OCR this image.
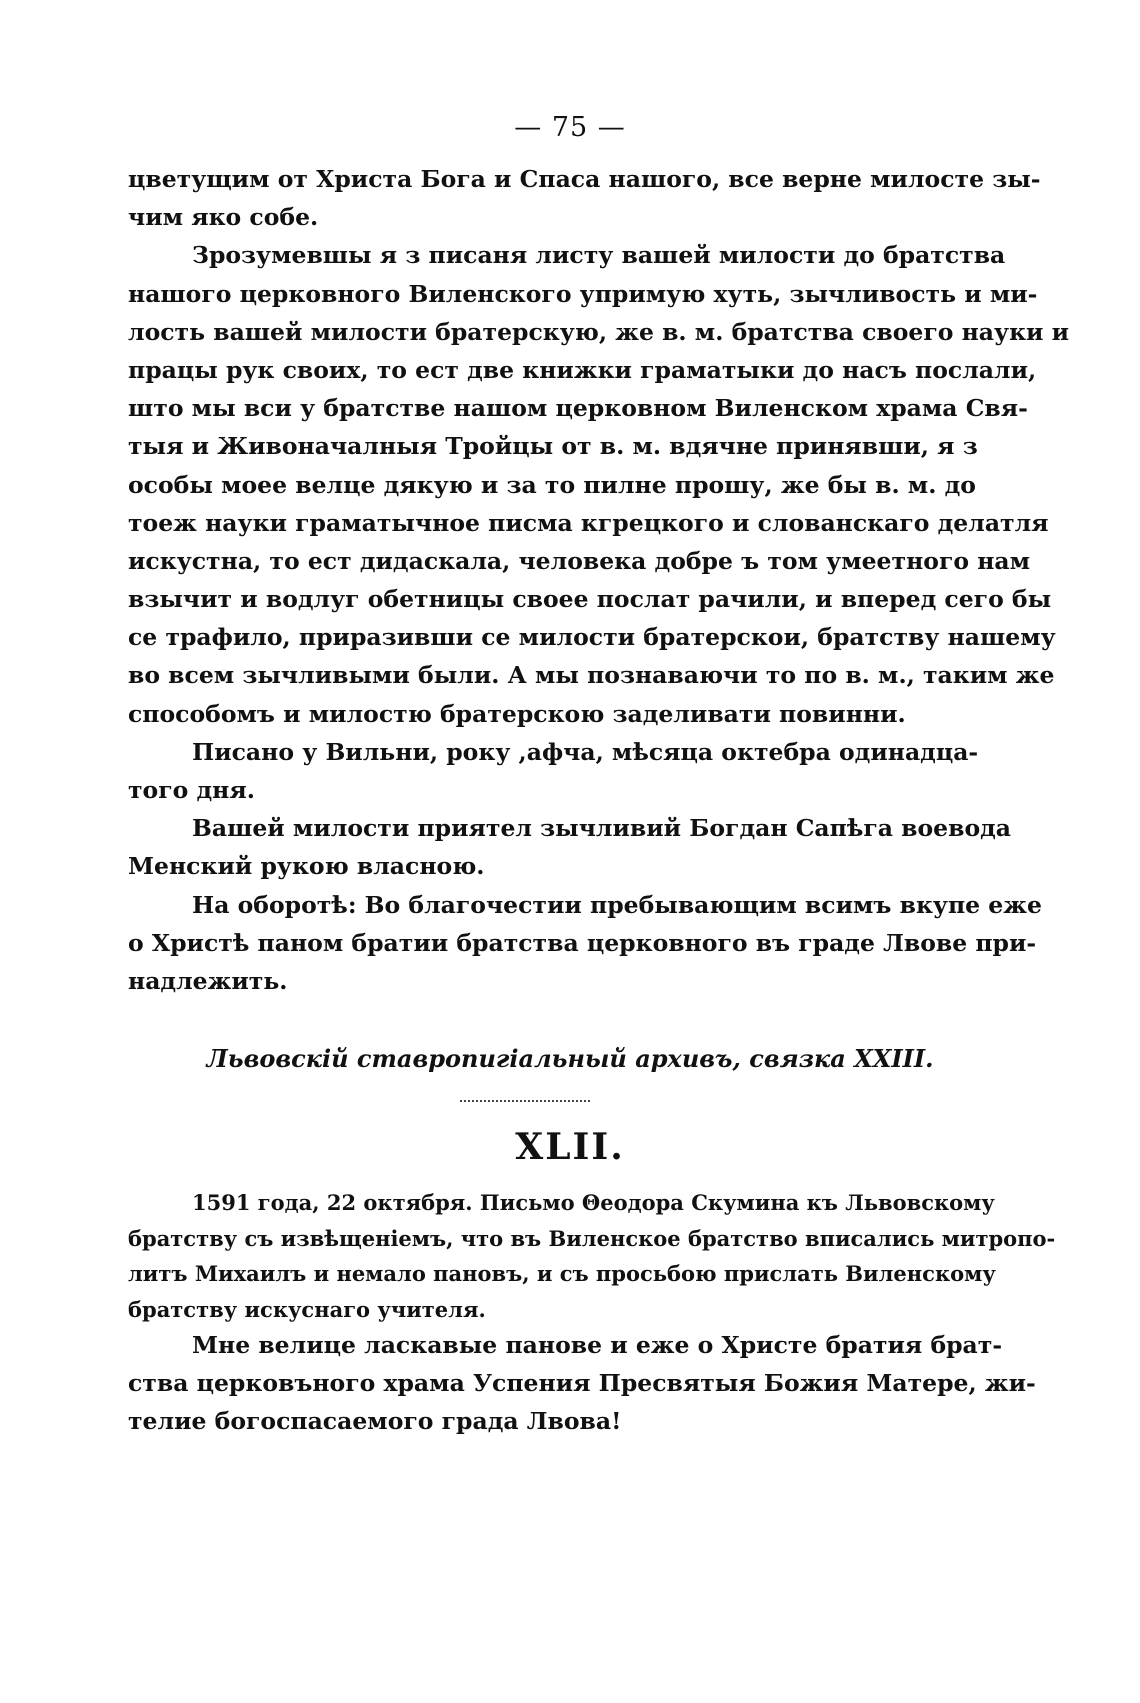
— 75 —
цветущим от Христа Бога и Спаса нашого, все верне милосте зы-
чим яко собе.
Зрозумевшы я з писаня листу вашей милости до братства
нашого церковного Виленского упримую хуть, зычливость и ми-
лость вашей милости братерскую, же в. м. братства своего науки и
працы рук своих, то ест две книжки граматыки до насъ послали,
што мы вси у братстве нашом церковном Виленском храма Свя-
тыя и Живоначалныя Тройцы от в. м. вдячне принявши, я з
особы моее велце дякую и за то пилне прошу, же бы в. м. до
тоеж науки граматычное писма кгрецкого и слованскаго делатля
искустна, то ест дидаскала, человека добре ъ том умеетного нам
взычит и водлуг обетницы своее послат рачили, и вперед сего бы
се трафило, приразивши се милости братерскои, братству нашему
во всем зычливыми были. А мы познаваючи то по в. м., таким же
способомъ и милостю братерскою заделивати повинни.
Писано у Вильни, року ,афча, мѣсяца октебра одинадца-
того дня.
Вашей милости приятел зычливий Богдан Сапѣга воевода
Менский рукою власною.
На оборотѣ: Во благочестии пребывающим всимъ вкупе еже
о Христѣ паном братии братства церковного въ граде Лвове при-
надлежить.
Львовскій ставропигіальный архивъ, связка XXIII.
XLII.
1591 года, 22 октября. Письмо Θеодора Скумина къ Львовскому
братству съ извѣщеніемъ, что въ Виленское братство вписались митропо-
литъ Михаилъ и немало пановъ, и съ просьбою прислать Виленскому
братству искуснаго учителя.
Мне велице ласкавые панове и еже о Христе братия брат-
ства церковъного храма Успения Пресвятыя Божия Матере, жи-
телие богоспасаемого града Лвова!
